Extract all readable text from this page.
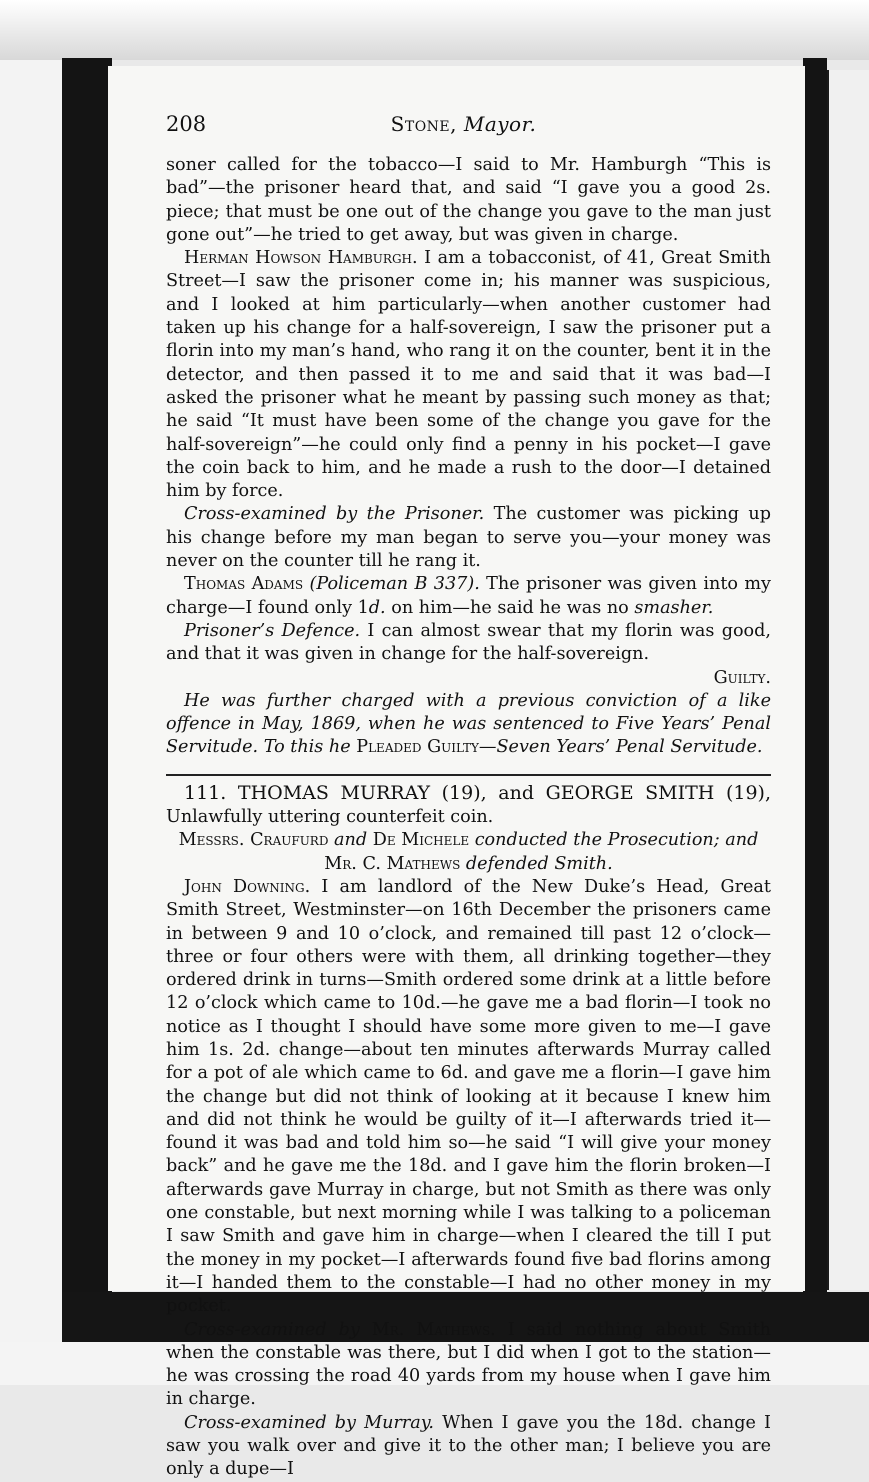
208	Stone, Mayor.

soner called for the tobacco—I said to Mr. Hamburgh “This is bad”—the prisoner heard that, and said “I gave you a good 2s. piece; that must be one out of the change you gave to the man just gone out”—he tried to get away, but was given in charge.

Herman Howson Hamburgh. I am a tobacconist, of 41, Great Smith Street—I saw the prisoner come in; his manner was suspicious, and I looked at him particularly—when another customer had taken up his change for a half-sovereign, I saw the prisoner put a florin into my man’s hand, who rang it on the counter, bent it in the detector, and then passed it to me and said that it was bad—I asked the prisoner what he meant by passing such money as that; he said “It must have been some of the change you gave for the half-sovereign”—he could only find a penny in his pocket—I gave the coin back to him, and he made a rush to the door—I detained him by force.

Cross-examined by the Prisoner. The customer was picking up his change before my man began to serve you—your money was never on the counter till he rang it.

Thomas Adams (Policeman B 337). The prisoner was given into my charge—I found only 1d. on him—he said he was no smasher.

Prisoner’s Defence. I can almost swear that my florin was good, and that it was given in change for the half-sovereign.
Guilty.

He was further charged with a previous conviction of a like offence in May, 1869, when he was sentenced to Five Years’ Penal Servitude. To this he Pleaded Guilty—Seven Years’ Penal Servitude.

111. THOMAS MURRAY (19), and GEORGE SMITH (19), Unlawfully uttering counterfeit coin.

Messrs. Craufurd and De Michele conducted the Prosecution; and Mr. C. Mathews defended Smith.

John Downing. I am landlord of the New Duke’s Head, Great Smith Street, Westminster—on 16th December the prisoners came in between 9 and 10 o’clock, and remained till past 12 o’clock—three or four others were with them, all drinking together—they ordered drink in turns—Smith ordered some drink at a little before 12 o’clock which came to 10d.—he gave me a bad florin—I took no notice as I thought I should have some more given to me—I gave him 1s. 2d. change—about ten minutes afterwards Murray called for a pot of ale which came to 6d. and gave me a florin—I gave him the change but did not think of looking at it because I knew him and did not think he would be guilty of it—I afterwards tried it—found it was bad and told him so—he said “I will give your money back” and he gave me the 18d. and I gave him the florin broken—I afterwards gave Murray in charge, but not Smith as there was only one constable, but next morning while I was talking to a policeman I saw Smith and gave him in charge—when I cleared the till I put the money in my pocket—I afterwards found five bad florins among it—I handed them to the constable—I had no other money in my pocket.

Cross-examined by Mr. Mathews. I said nothing about Smith when the constable was there, but I did when I got to the station—he was crossing the road 40 yards from my house when I gave him in charge.

Cross-examined by Murray. When I gave you the 18d. change I saw you walk over and give it to the other man; I believe you are only a dupe—I
